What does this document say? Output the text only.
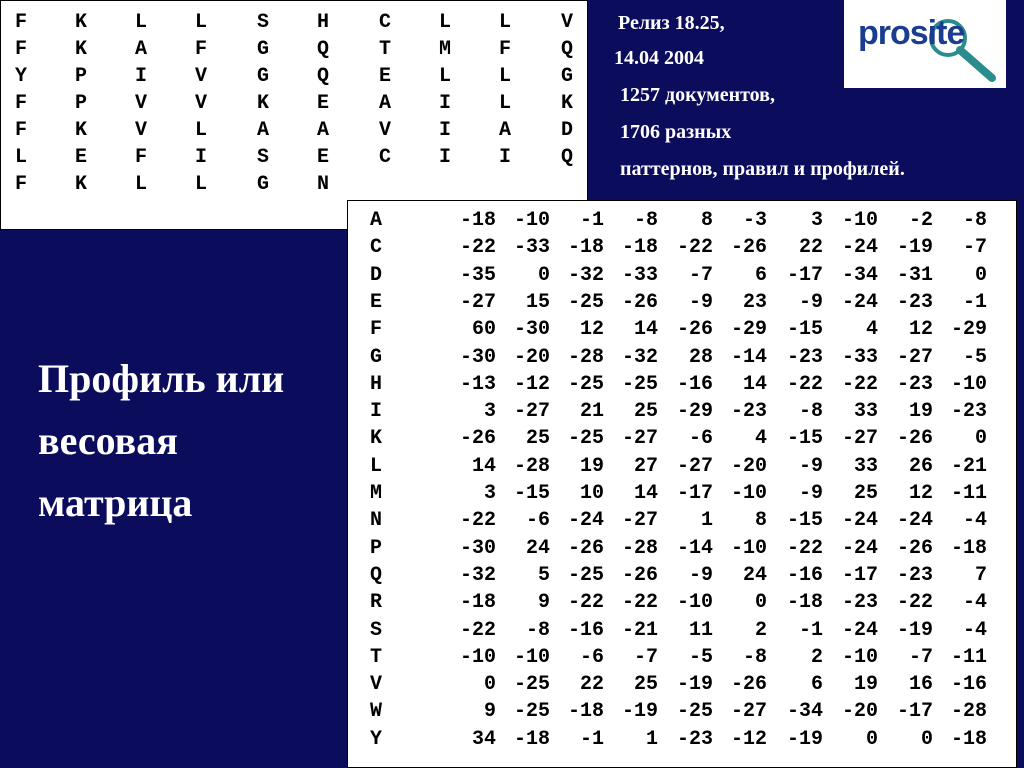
F K L L S H C L L V
F K A F G Q T M F Q
Y P I V G Q E L L G
F P V V K E A I L K
F K V L A A V I A D
L E F I S E C I I Q
F K L L G N
Релиз 18.25,
14.04 2004
1257 документов,
1706 разных
паттернов, правил и профилей.
prosite
Профиль или
весовая
матрица
A	-18 -10	-1	-8	8	-3	3 -10	-2	-8
C	-22 -33 -18 -18 -22 -26	22 -24 -19	-7
D	-35	0 -32 -33	-7	6 -17 -34 -31	0
E	-27	15 -25 -26	-9	23	-9 -24 -23	-1
F	60 -30	12	14 -26 -29 -15	4	12 -29
G	-30 -20 -28 -32	28 -14 -23 -33 -27	-5
H	-13 -12 -25 -25 -16	14 -22 -22 -23 -10
I	3 -27	21	25 -29 -23	-8	33	19 -23
K	-26	25 -25 -27	-6	4 -15 -27 -26	0
L	14 -28	19	27 -27 -20	-9	33	26 -21
M	3 -15	10	14 -17 -10	-9	25	12 -11
N	-22	-6 -24 -27	1	8 -15 -24 -24	-4
P	-30	24 -26 -28 -14 -10 -22 -24 -26 -18
Q	-32	5 -25 -26	-9	24 -16 -17 -23	7
R	-18	9 -22 -22 -10	0 -18 -23 -22	-4
S	-22	-8 -16 -21	11	2	-1 -24 -19	-4
T	-10 -10	-6	-7	-5	-8	2 -10	-7 -11
V	0 -25	22	25 -19 -26	6	19	16 -16
W	9 -25 -18 -19 -25 -27 -34 -20 -17 -28
Y	34 -18	-1	1 -23 -12 -19	0	0 -18
